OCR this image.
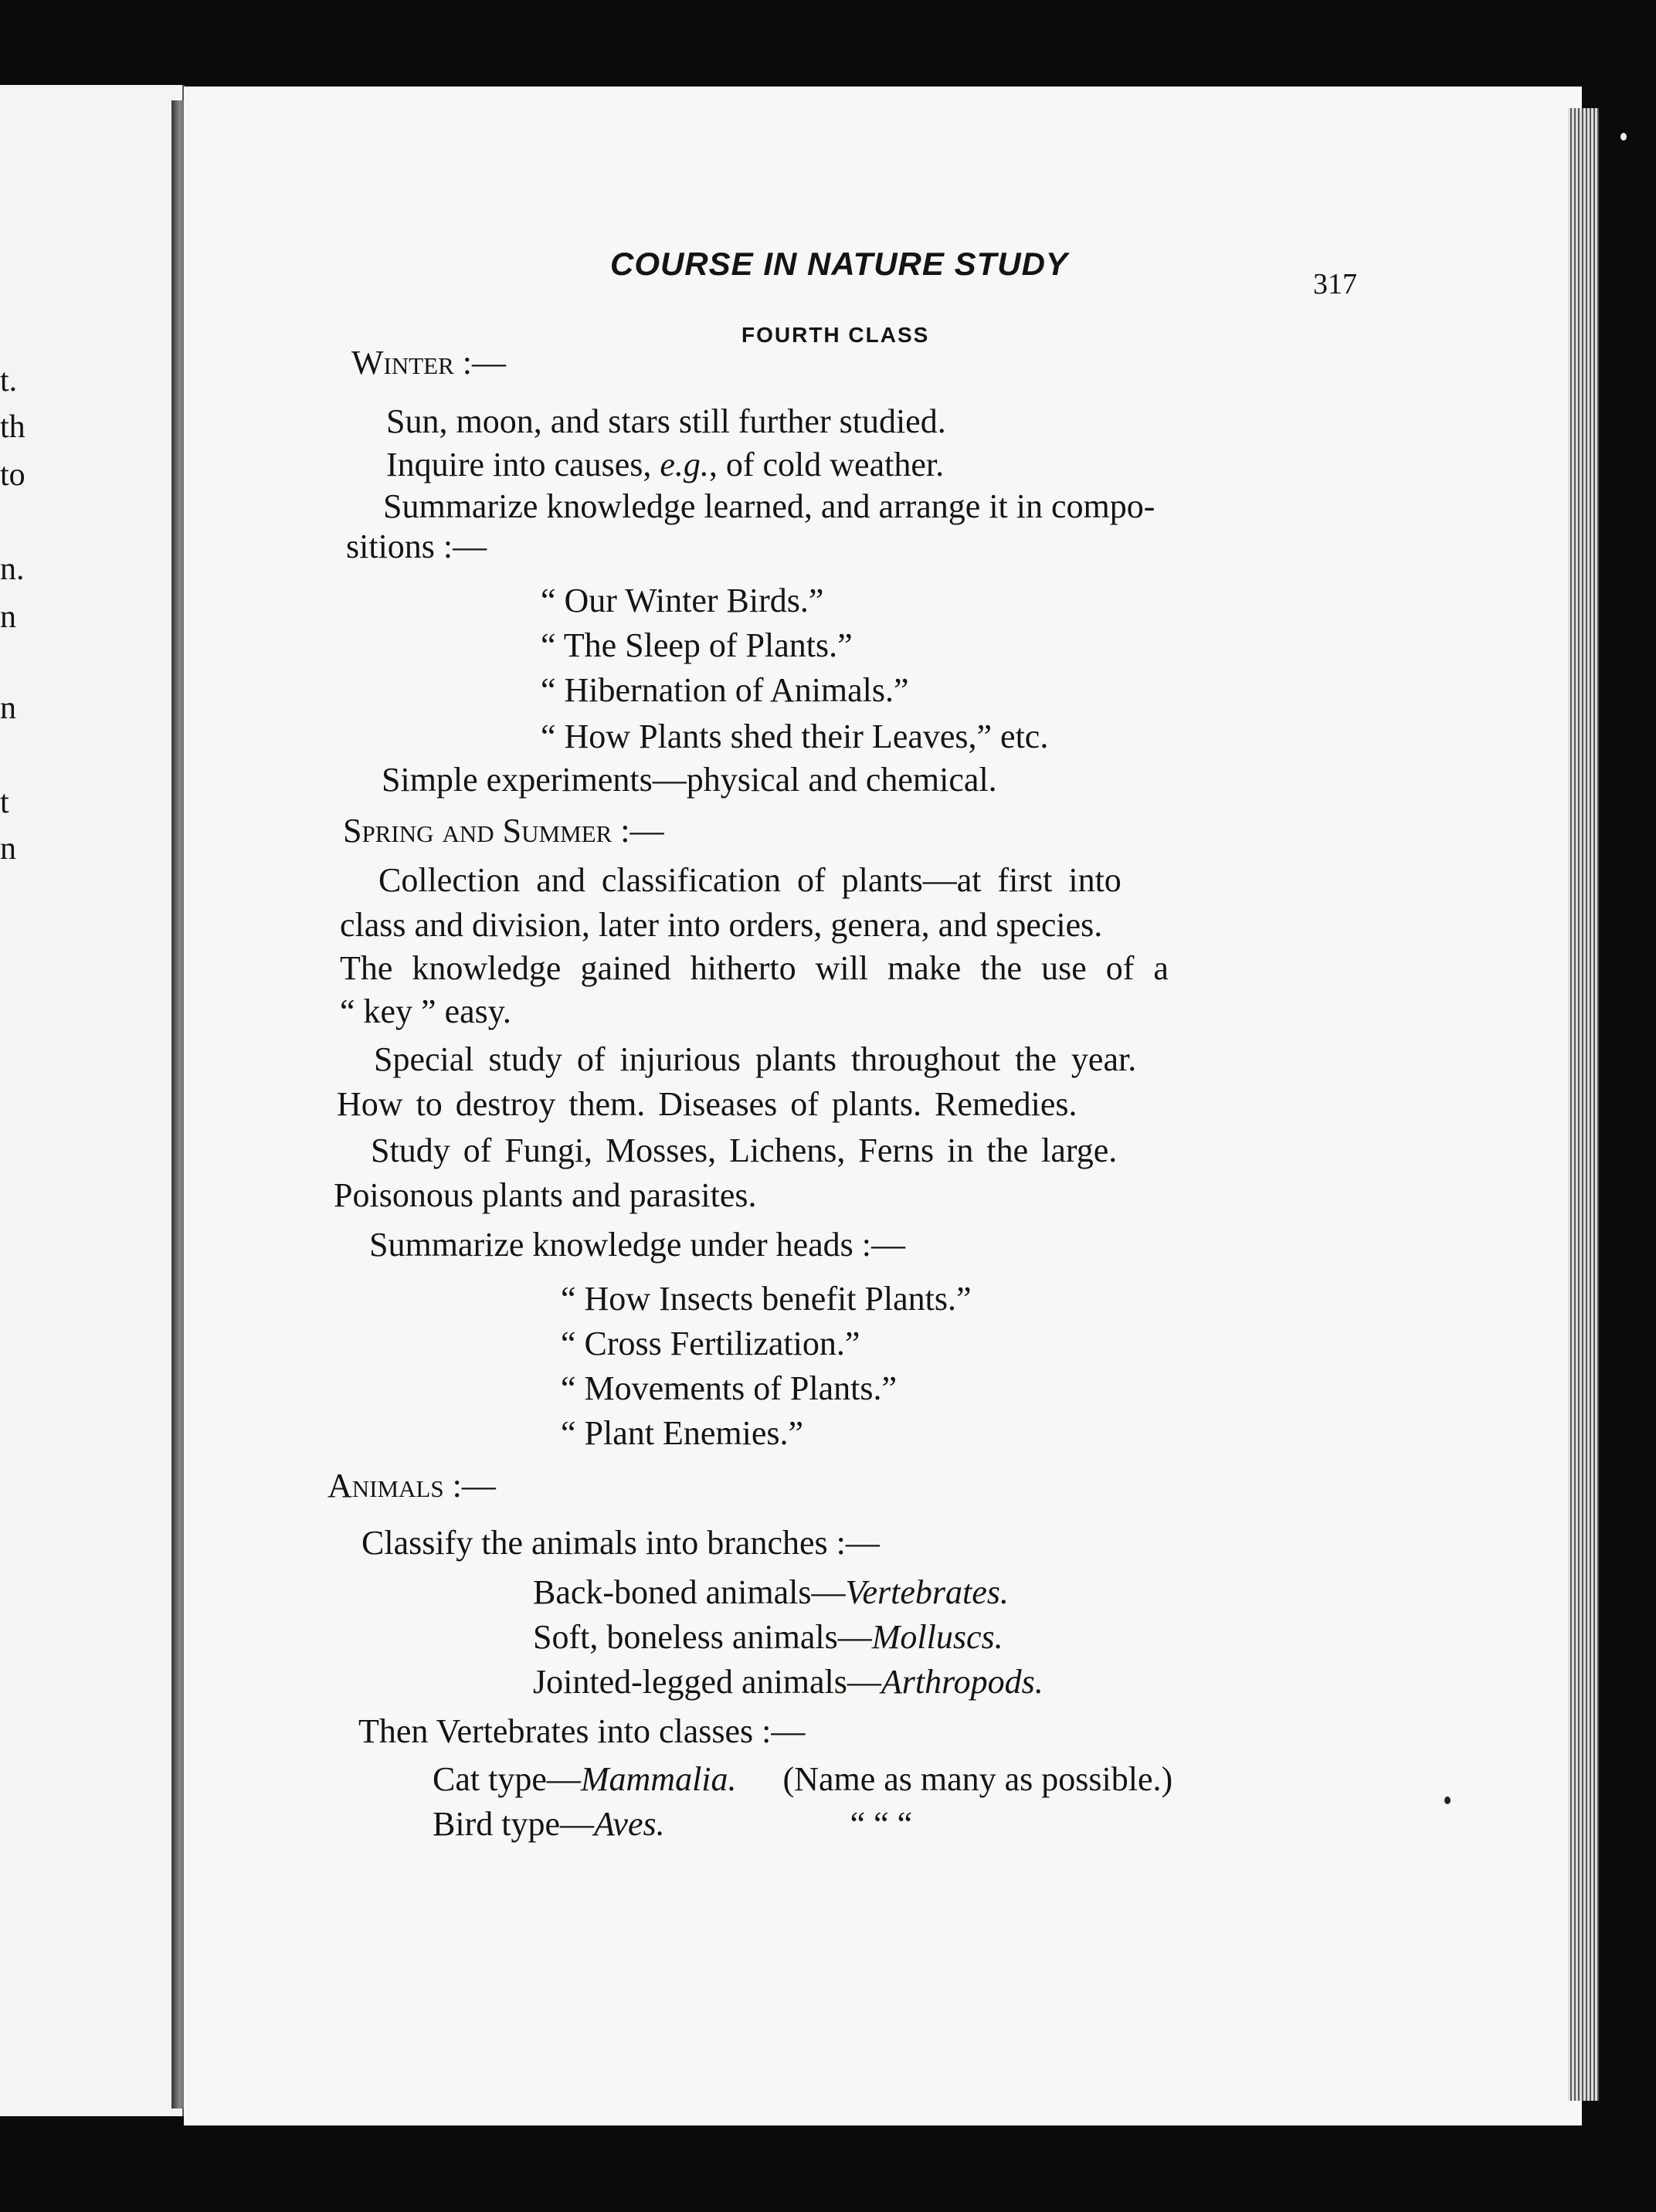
t.
th
to
n.
n
n
t
n
COURSE IN NATURE STUDY
317
FOURTH CLASS
Winter :—
Sun, moon, and stars still further studied.
Inquire into causes, e.g., of cold weather.
Summarize knowledge learned, and arrange it in compo-
sitions :—
“ Our Winter Birds.”
“ The Sleep of Plants.”
“ Hibernation of Animals.”
“ How Plants shed their Leaves,” etc.
Simple experiments—physical and chemical.
Spring and Summer :—
Collection and classification of plants—at first into
class and division, later into orders, genera, and species.
The knowledge gained hitherto will make the use of a
“ key ” easy.
Special study of injurious plants throughout the year.
How to destroy them. Diseases of plants. Remedies.
Study of Fungi, Mosses, Lichens, Ferns in the large.
Poisonous plants and parasites.
Summarize knowledge under heads :—
“ How Insects benefit Plants.”
“ Cross Fertilization.”
“ Movements of Plants.”
“ Plant Enemies.”
Animals :—
Classify the animals into branches :—
Back-boned animals—Vertebrates.
Soft, boneless animals—Molluscs.
Jointed-legged animals—Arthropods.
Then Vertebrates into classes :—
Cat type—Mammalia. (Name as many as possible.)
Bird type—Aves.	“ “ “
